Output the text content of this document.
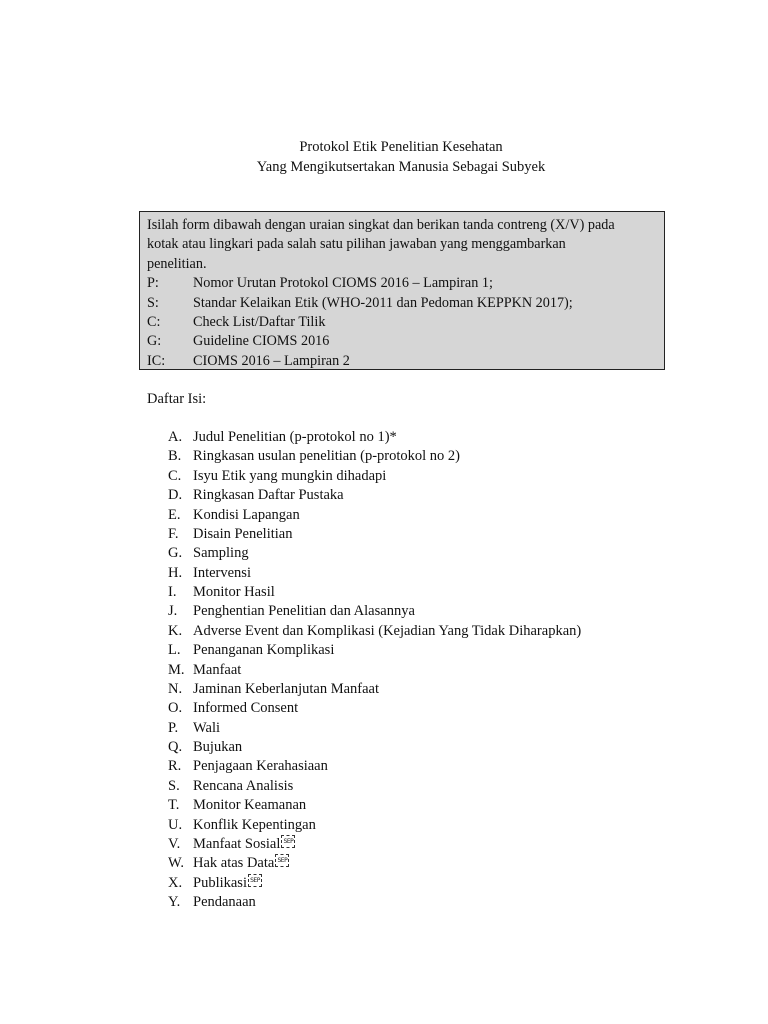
Protokol Etik Penelitian Kesehatan
Yang Mengikutsertakan Manusia Sebagai Subyek
Isilah form dibawah dengan uraian singkat dan berikan tanda contreng (X/V) pada
kotak atau lingkari pada salah satu pilihan jawaban yang menggambarkan
penelitian.
P:	Nomor Urutan Protokol CIOMS 2016 – Lampiran 1;
S:	Standar Kelaikan Etik (WHO-2011 dan Pedoman KEPPKN 2017);
C:	Check List/Daftar Tilik
G:	Guideline CIOMS 2016
IC:	CIOMS 2016 – Lampiran 2
Daftar Isi:
A. Judul Penelitian (p-protokol no 1)*
B. Ringkasan usulan penelitian (p-protokol no 2)
C. Isyu Etik yang mungkin dihadapi
D. Ringkasan Daftar Pustaka
E. Kondisi Lapangan
F. Disain Penelitian
G. Sampling
H. Intervensi
I.	Monitor Hasil
J.	Penghentian Penelitian dan Alasannya
K. Adverse Event dan Komplikasi (Kejadian Yang Tidak Diharapkan)
L. Penanganan Komplikasi
M. Manfaat
N. Jaminan Keberlanjutan Manfaat
O. Informed Consent
P.	Wali
Q. Bujukan
R. Penjagaan Kerahasiaan
S. Rencana Analisis
T. Monitor Keamanan
U. Konflik Kepentingan
V. Manfaat Sosial SEP
W. Hak atas Data SEP
X. Publikasi SEP
Y. Pendanaan
